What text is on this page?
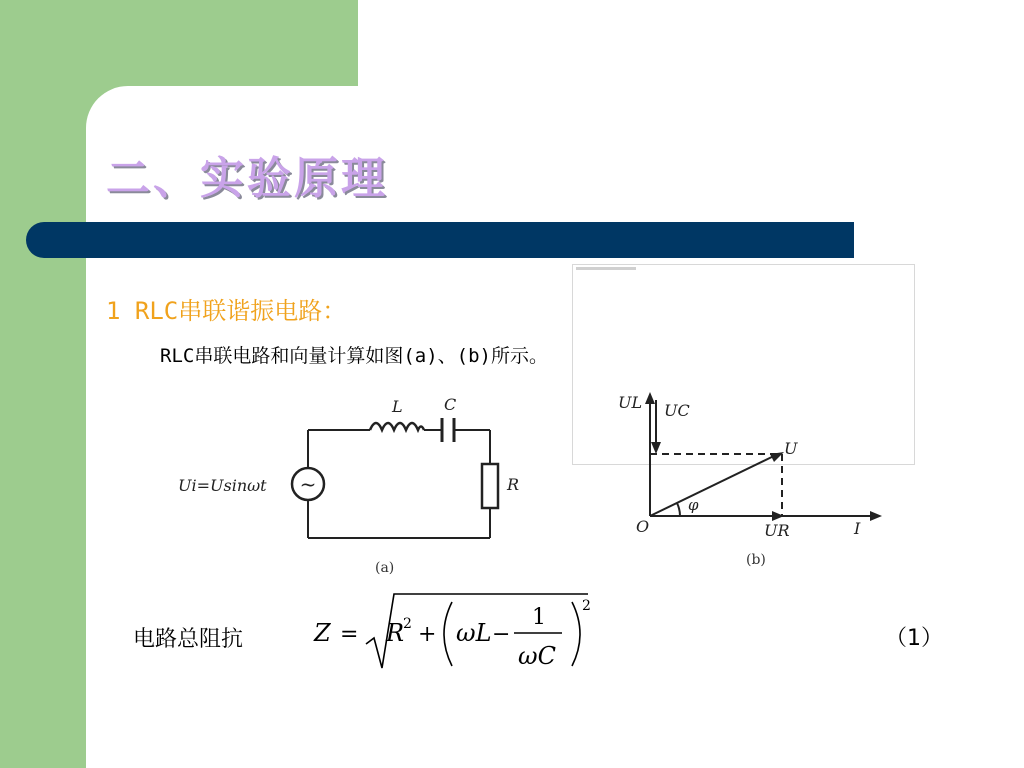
二、实验原理

1 RLC串联谐振电路：

RLC串联电路和向量计算如图(a)、(b)所示。

~
L	C
R
Ui=Usinωt
(a)
UL UC
U
φ
O	UR	I
(b)

电路总阻抗	Z = R
2 + ωL −
1
ωC
2

（1）
